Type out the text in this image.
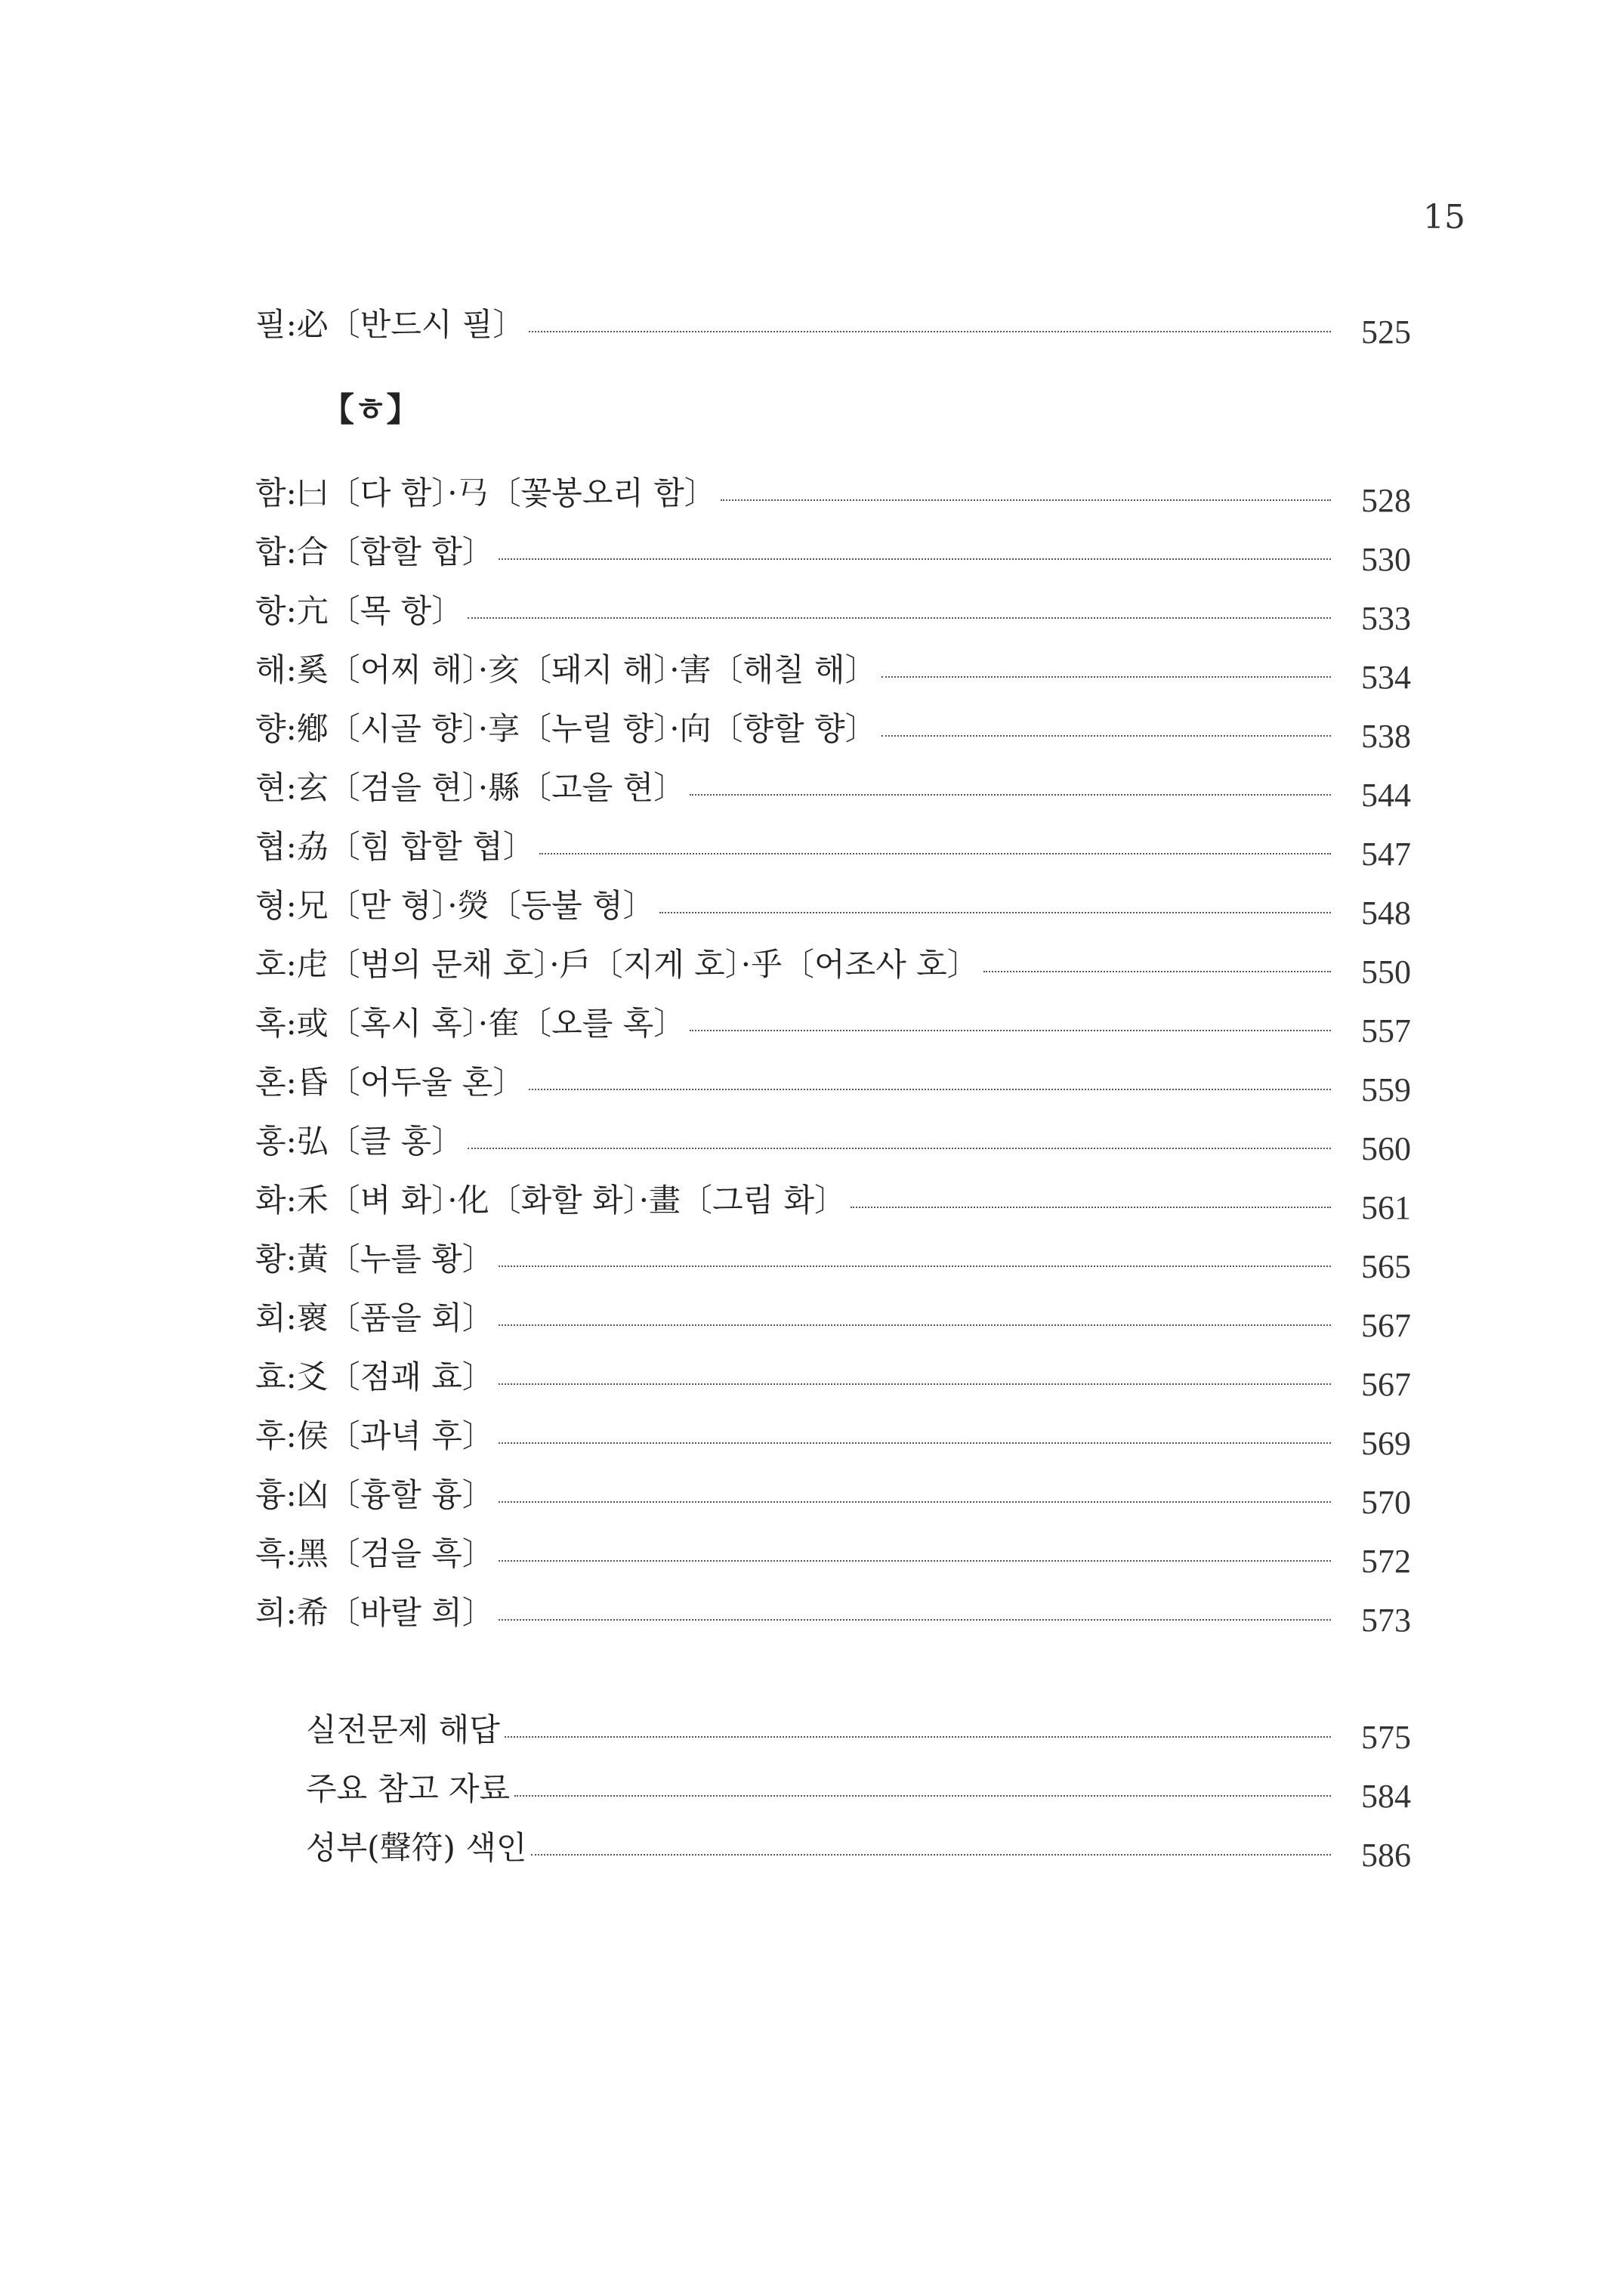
15
필:必〔반드시 필〕	525
【ㅎ】
함:𠙵〔다 함〕·𢎘〔꽃봉오리 함〕	528
합:合〔합할 합〕	530
항:亢〔목 항〕	533
해:奚〔어찌 해〕·亥〔돼지 해〕·害〔해칠 해〕	534
향:鄕〔시골 향〕·享〔누릴 향〕·向〔향할 향〕	538
현:玄〔검을 현〕·縣〔고을 현〕	544
협:劦〔힘 합할 협〕	547
형:兄〔맏 형〕·熒〔등불 형〕	548
호:虍〔범의 문채 호〕·戶〔지게 호〕·乎〔어조사 호〕	550
혹:或〔혹시 혹〕·隺〔오를 혹〕	557
혼:昏〔어두울 혼〕	559
홍:弘〔클 홍〕	560
화:禾〔벼 화〕·化〔화할 화〕·畫〔그림 화〕	561
황:黃〔누를 황〕	565
회:褱〔품을 회〕	567
효:爻〔점괘 효〕	567
후:侯〔과녁 후〕	569
흉:凶〔흉할 흉〕	570
흑:黑〔검을 흑〕	572
희:希〔바랄 희〕	573
실전문제 해답	575
주요 참고 자료	584
성부(聲符) 색인	586
